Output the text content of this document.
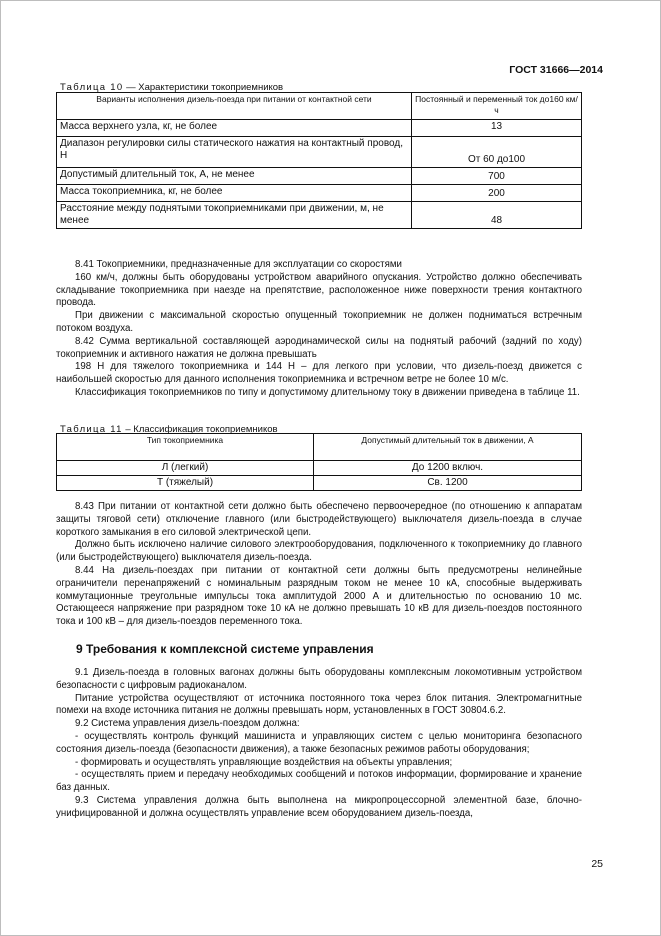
ГОСТ 31666—2014
Таблица 10 — Характеристики токоприемников
Варианты исполнения дизель-поезда при питании от контактной сети	Постоянный и переменный ток до160 км/ч
Масса верхнего узла, кг, не более	13
Диапазон регулировки силы статического нажатия на контактный провод, Н	От 60 до100
Допустимый длительный ток, А, не менее	700
Масса токоприемника, кг, не более	200
Расстояние между поднятыми токоприемниками при движении, м, не менее	48

8.41 Токоприемники, предназначенные для эксплуатации со скоростями

160 км/ч, должны быть оборудованы устройством аварийного опускания. Устройство должно обеспечивать складывание токоприемника при наезде на препятствие, расположенное ниже поверхности трения контактного провода.

При движении с максимальной скоростью опущенный токоприемник не должен подниматься встречным потоком воздуха.

8.42 Сумма вертикальной составляющей аэродинамической силы на поднятый рабочий (задний по ходу) токоприемник и активного нажатия не должна превышать

198 Н для тяжелого токоприемника и 144 Н – для легкого при условии, что дизель-поезд движется с наибольшей скоростью для данного исполнения токоприемника и встречном ветре не более 10 м/с.

Классификация токоприемников по типу и допустимому длительному току в движении приведена в таблице 11.

Таблица 11 – Классификация токоприемников
Тип токоприемника	Допустимый длительный ток в движении, А
Л (легкий)	До 1200 включ.
Т (тяжелый)	Св. 1200

8.43 При питании от контактной сети должно быть обеспечено первоочередное (по отношению к аппаратам защиты тяговой сети) отключение главного (или быстродействующего) выключателя дизель-поезда в случае короткого замыкания в его силовой электрической цепи.

Должно быть исключено наличие силового электрооборудования, подключенного к токоприемнику до главного (или быстродействующего) выключателя дизель-поезда.

8.44 На дизель-поездах при питании от контактной сети должны быть предусмотрены нелинейные ограничители перенапряжений с номинальным разрядным током не менее 10 кА, способные выдерживать коммутационные треугольные импульсы тока амплитудой 2000 А и длительностью по основанию 10 мс. Остающееся напряжение при разрядном токе 10 кА не должно превышать 10 кВ для дизель-поездов постоянного тока и 100 кВ – для дизель-поездов переменного тока.

9 Требования к комплексной системе управления

9.1 Дизель-поезда в головных вагонах должны быть оборудованы комплексным локомотивным устройством безопасности с цифровым радиоканалом.

Питание устройства осуществляют от источника постоянного тока через блок питания. Электромагнитные помехи на входе источника питания не должны превышать норм, установленных в ГОСТ 30804.6.2.

9.2 Система управления дизель-поездом должна:

- осуществлять контроль функций машиниста и управляющих систем с целью мониторинга безопасного состояния дизель-поезда (безопасности движения), а также безопасных режимов работы оборудования;

- формировать и осуществлять управляющие воздействия на объекты управления;

- осуществлять прием и передачу необходимых сообщений и потоков информации, формирование и хранение баз данных.

9.3 Система управления должна быть выполнена на микропроцессорной элементной базе, блочно- унифицированной и должна осуществлять управление всем оборудованием дизель-поезда,

25
